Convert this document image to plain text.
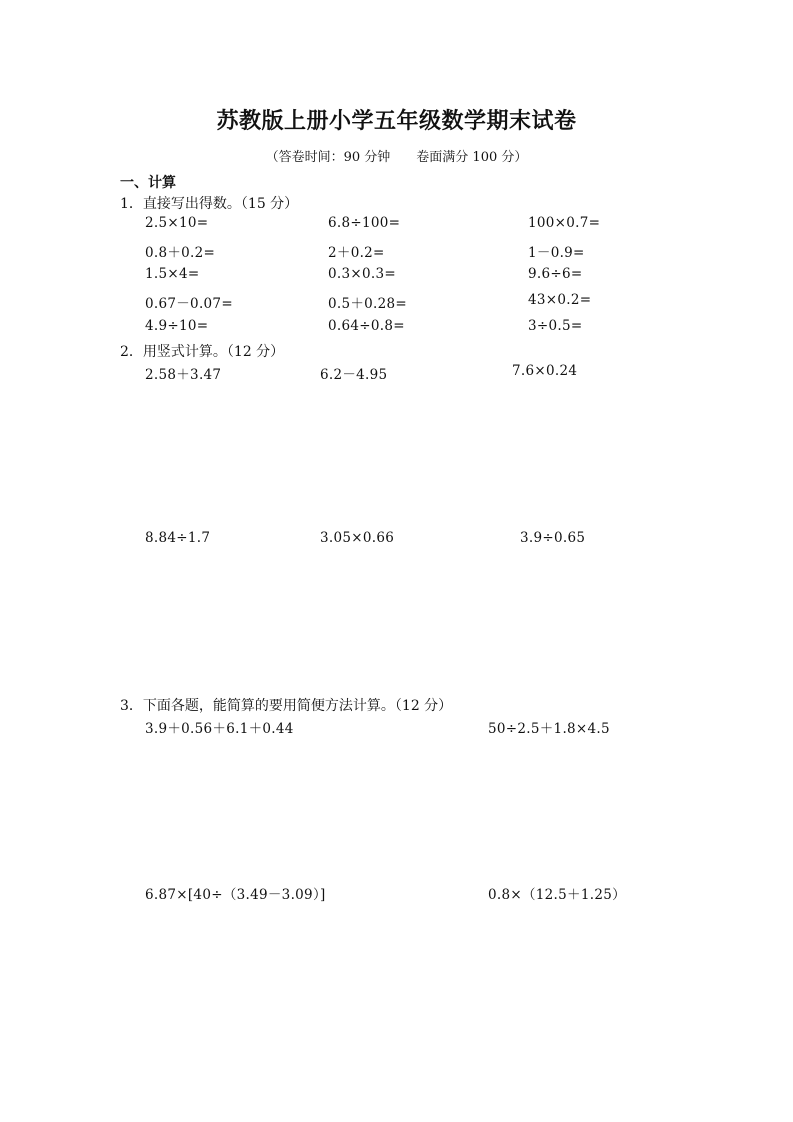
苏教版上册小学五年级数学期末试卷
（答卷时间：90 分钟 卷面满分 100 分）
一、计算
1．直接写出得数。（15 分）
2.5×10=	6.8÷100=	100×0.7=
0.8＋0.2=	2＋0.2=	1－0.9=
1.5×4=	0.3×0.3=	9.6÷6=
0.67－0.07=	0.5＋0.28=	43×0.2=
4.9÷10=	0.64÷0.8=	3÷0.5=
2．用竖式计算。（12 分）
2.58＋3.47	6.2－4.95	7.6×0.24
8.84÷1.7	3.05×0.66	3.9÷0.65
3．下面各题，能简算的要用简便方法计算。（12 分）
3.9＋0.56＋6.1＋0.44	50÷2.5＋1.8×4.5
6.87×[40÷（3.49－3.09）]	0.8×（12.5＋1.25）
